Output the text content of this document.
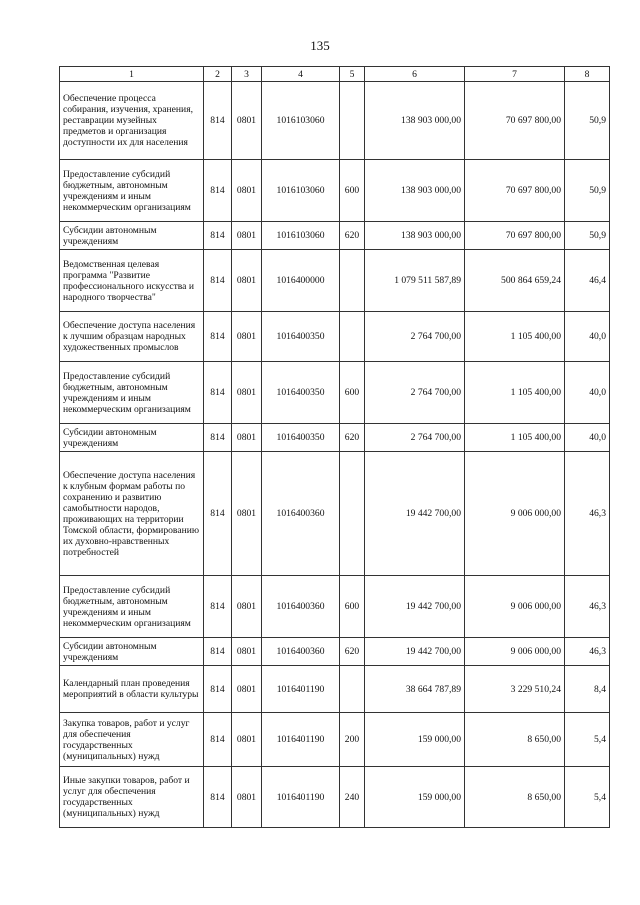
135
1	2	3	4	5	6	7	8
Обеспечение процесса собирания, изучения, хранения, реставрации музейных предметов и организация доступности их для населения	814	0801	1016103060		138 903 000,00	70 697 800,00	50,9
Предоставление субсидий бюджетным, автономным учреждениям и иным некоммерческим организациям	814	0801	1016103060	600	138 903 000,00	70 697 800,00	50,9
Субсидии автономным учреждениям	814	0801	1016103060	620	138 903 000,00	70 697 800,00	50,9
Ведомственная целевая программа "Развитие профессионального искусства и народного творчества"	814	0801	1016400000		1 079 511 587,89	500 864 659,24	46,4
Обеспечение доступа населения к лучшим образцам народных художественных промыслов	814	0801	1016400350		2 764 700,00	1 105 400,00	40,0
Предоставление субсидий бюджетным, автономным учреждениям и иным некоммерческим организациям	814	0801	1016400350	600	2 764 700,00	1 105 400,00	40,0
Субсидии автономным учреждениям	814	0801	1016400350	620	2 764 700,00	1 105 400,00	40,0
Обеспечение доступа населения к клубным формам работы по сохранению и развитию самобытности народов, проживающих на территории Томской области, формированию их духовно-нравственных потребностей	814	0801	1016400360		19 442 700,00	9 006 000,00	46,3
Предоставление субсидий бюджетным, автономным учреждениям и иным некоммерческим организациям	814	0801	1016400360	600	19 442 700,00	9 006 000,00	46,3
Субсидии автономным учреждениям	814	0801	1016400360	620	19 442 700,00	9 006 000,00	46,3
Календарный план проведения мероприятий в области культуры	814	0801	1016401190		38 664 787,89	3 229 510,24	8,4
Закупка товаров, работ и услуг для обеспечения государственных (муниципальных) нужд	814	0801	1016401190	200	159 000,00	8 650,00	5,4
Иные закупки товаров, работ и услуг для обеспечения государственных (муниципальных) нужд	814	0801	1016401190	240	159 000,00	8 650,00	5,4
